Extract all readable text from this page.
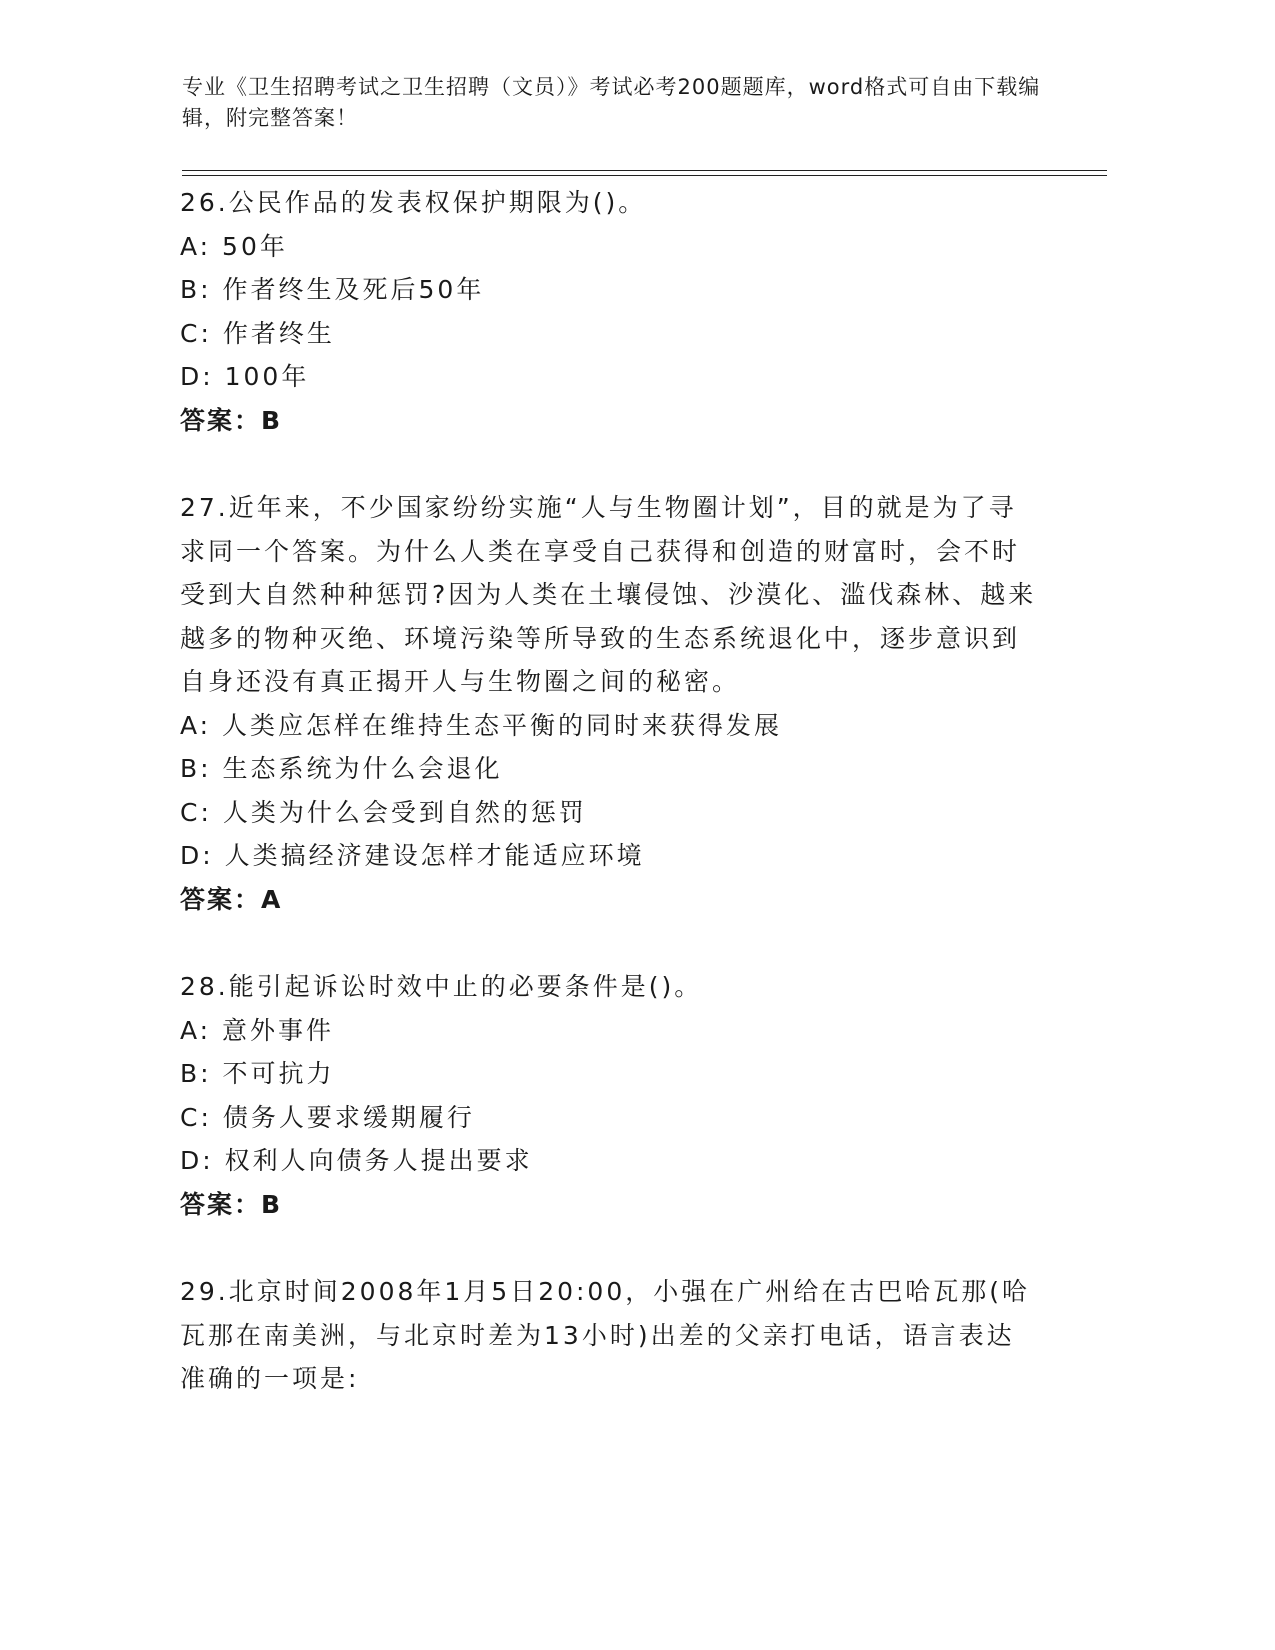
专业《卫生招聘考试之卫生招聘（文员）》考试必考200题题库，word格式可自由下载编辑，附完整答案！

26.公民作品的发表权保护期限为()。

A: 50年

B: 作者终生及死后50年

C: 作者终生

D: 100年

答案：B

27.近年来，不少国家纷纷实施“人与生物圈计划”，目的就是为了寻求同一个答案。为什么人类在享受自己获得和创造的财富时，会不时受到大自然种种惩罚?因为人类在土壤侵蚀、沙漠化、滥伐森林、越来越多的物种灭绝、环境污染等所导致的生态系统退化中，逐步意识到自身还没有真正揭开人与生物圈之间的秘密。

A: 人类应怎样在维持生态平衡的同时来获得发展

B: 生态系统为什么会退化

C: 人类为什么会受到自然的惩罚

D: 人类搞经济建设怎样才能适应环境

答案：A

28.能引起诉讼时效中止的必要条件是()。

A: 意外事件

B: 不可抗力

C: 债务人要求缓期履行

D: 权利人向债务人提出要求

答案：B

29.北京时间2008年1月5日20:00，小强在广州给在古巴哈瓦那(哈瓦那在南美洲，与北京时差为13小时)出差的父亲打电话，语言表达准确的一项是:
